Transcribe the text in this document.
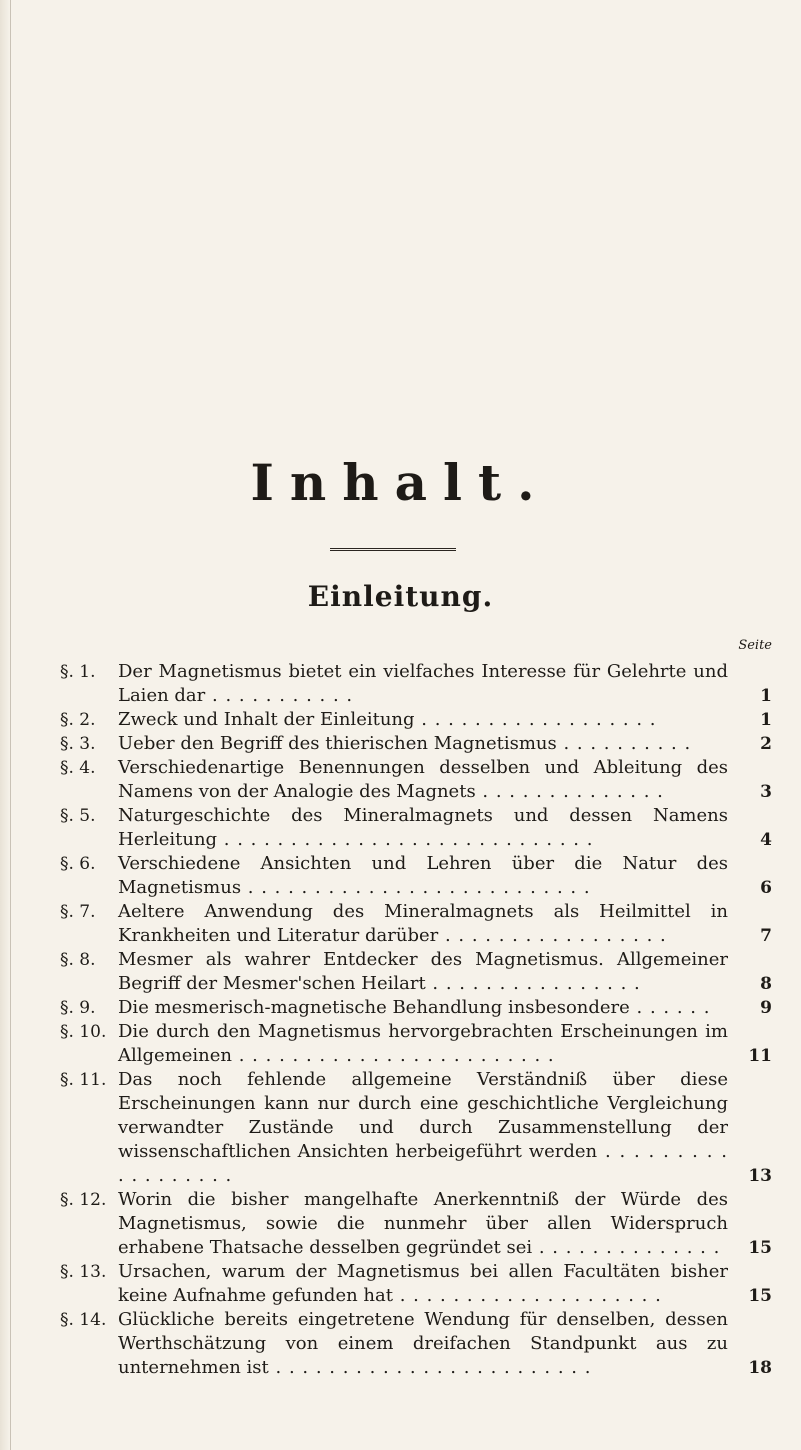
Inhalt.
Einleitung.
Seite
§. 1.	Der Magnetismus bietet ein vielfaches Interesse für Gelehrte und Laien dar . . . . . . . . . . .	1
§. 2.	Zweck und Inhalt der Einleitung . . . . . . . . . . . . . . . . . .	1
§. 3.	Ueber den Begriff des thierischen Magnetismus . . . . . . . . . .	2
§. 4.	Verschiedenartige Benennungen desselben und Ableitung des Namens von der Analogie des Magnets . . . . . . . . . . . . . .	3
§. 5.	Naturgeschichte des Mineralmagnets und dessen Namens Herleitung . . . . . . . . . . . . . . . . . . . . . . . . . . . .	4
§. 6.	Verschiedene Ansichten und Lehren über die Natur des Magnetismus . . . . . . . . . . . . . . . . . . . . . . . . . .	6
§. 7.	Aeltere Anwendung des Mineralmagnets als Heilmittel in Krankheiten und Literatur darüber . . . . . . . . . . . . . . . . .	7
§. 8.	Mesmer als wahrer Entdecker des Magnetismus. Allgemeiner Begriff der Mesmer'schen Heilart . . . . . . . . . . . . . . . .	8
§. 9.	Die mesmerisch-magnetische Behandlung insbesondere . . . . . .	9
§. 10. Die durch den Magnetismus hervorgebrachten Erscheinungen im Allgemeinen . . . . . . . . . . . . . . . . . . . . . . . .	11
§. 11. Das noch fehlende allgemeine Verständniß über diese Erscheinungen kann nur durch eine geschichtliche Vergleichung verwandter Zustände und durch Zusammenstellung der wissenschaftlichen Ansichten herbeigeführt werden . . . . . . . . . . . . . . . . . .	13
§. 12. Worin die bisher mangelhafte Anerkenntniß der Würde des Magnetismus, sowie die nunmehr über allen Widerspruch erhabene Thatsache desselben gegründet sei . . . . . . . . . . . . . .	15
§. 13. Ursachen, warum der Magnetismus bei allen Facultäten bisher keine Aufnahme gefunden hat . . . . . . . . . . . . . . . . . . . .	15
§. 14. Glückliche bereits eingetretene Wendung für denselben, dessen Werthschätzung von einem dreifachen Standpunkt aus zu unternehmen ist . . . . . . . . . . . . . . . . . . . . . . . .	18
